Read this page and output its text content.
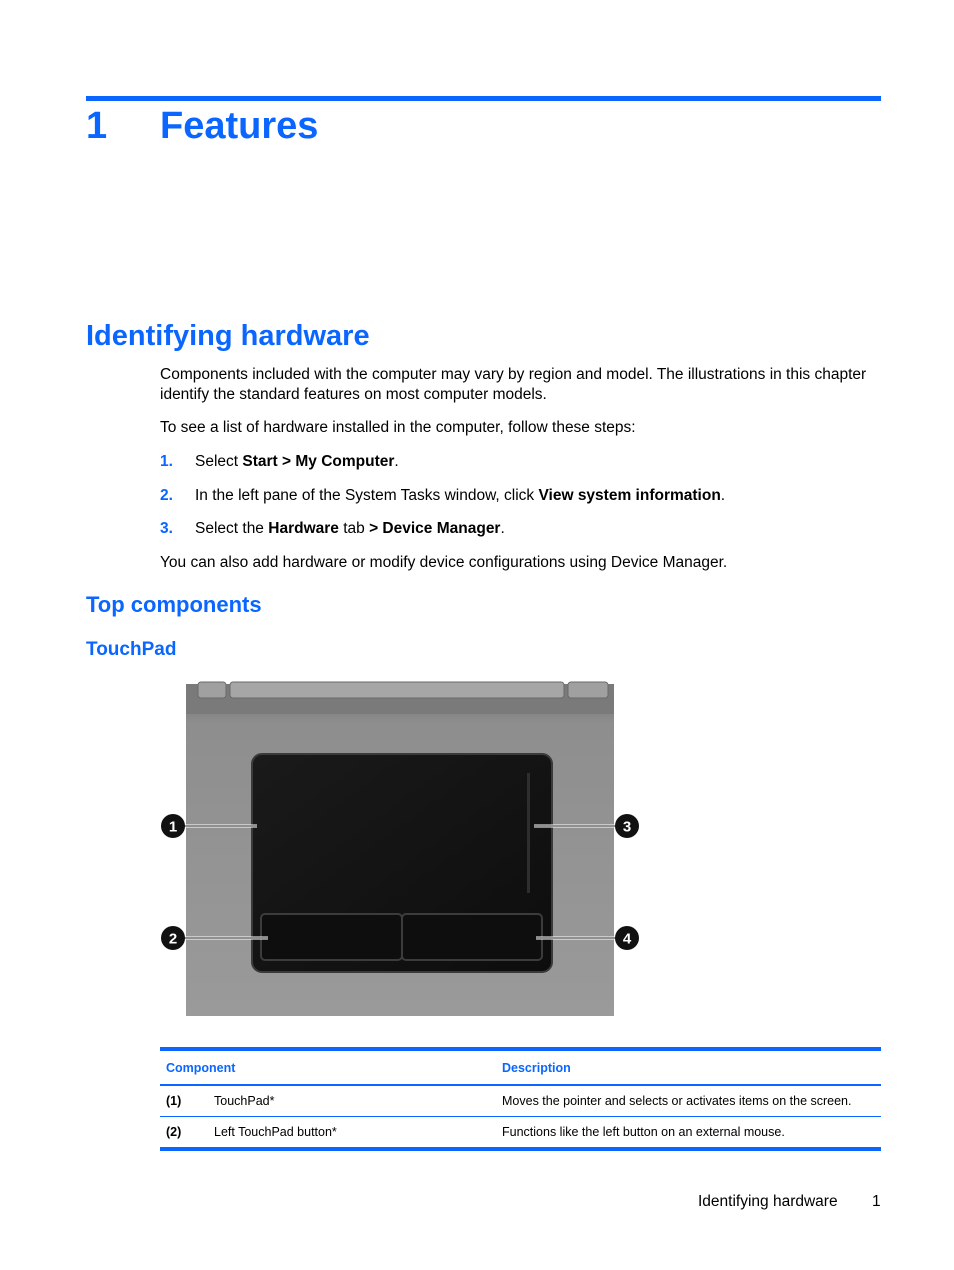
1 Features
Identifying hardware
Components included with the computer may vary by region and model. The illustrations in this chapter identify the standard features on most computer models.
To see a list of hardware installed in the computer, follow these steps:
1. Select Start > My Computer.
2. In the left pane of the System Tasks window, click View system information.
3. Select the Hardware tab > Device Manager.
You can also add hardware or modify device configurations using Device Manager.
Top components
TouchPad
1
2
3
4
Component	Description
(1)	TouchPad*	Moves the pointer and selects or activates items on the screen.
(2)	Left TouchPad button*	Functions like the left button on an external mouse.
Identifying hardware 1
